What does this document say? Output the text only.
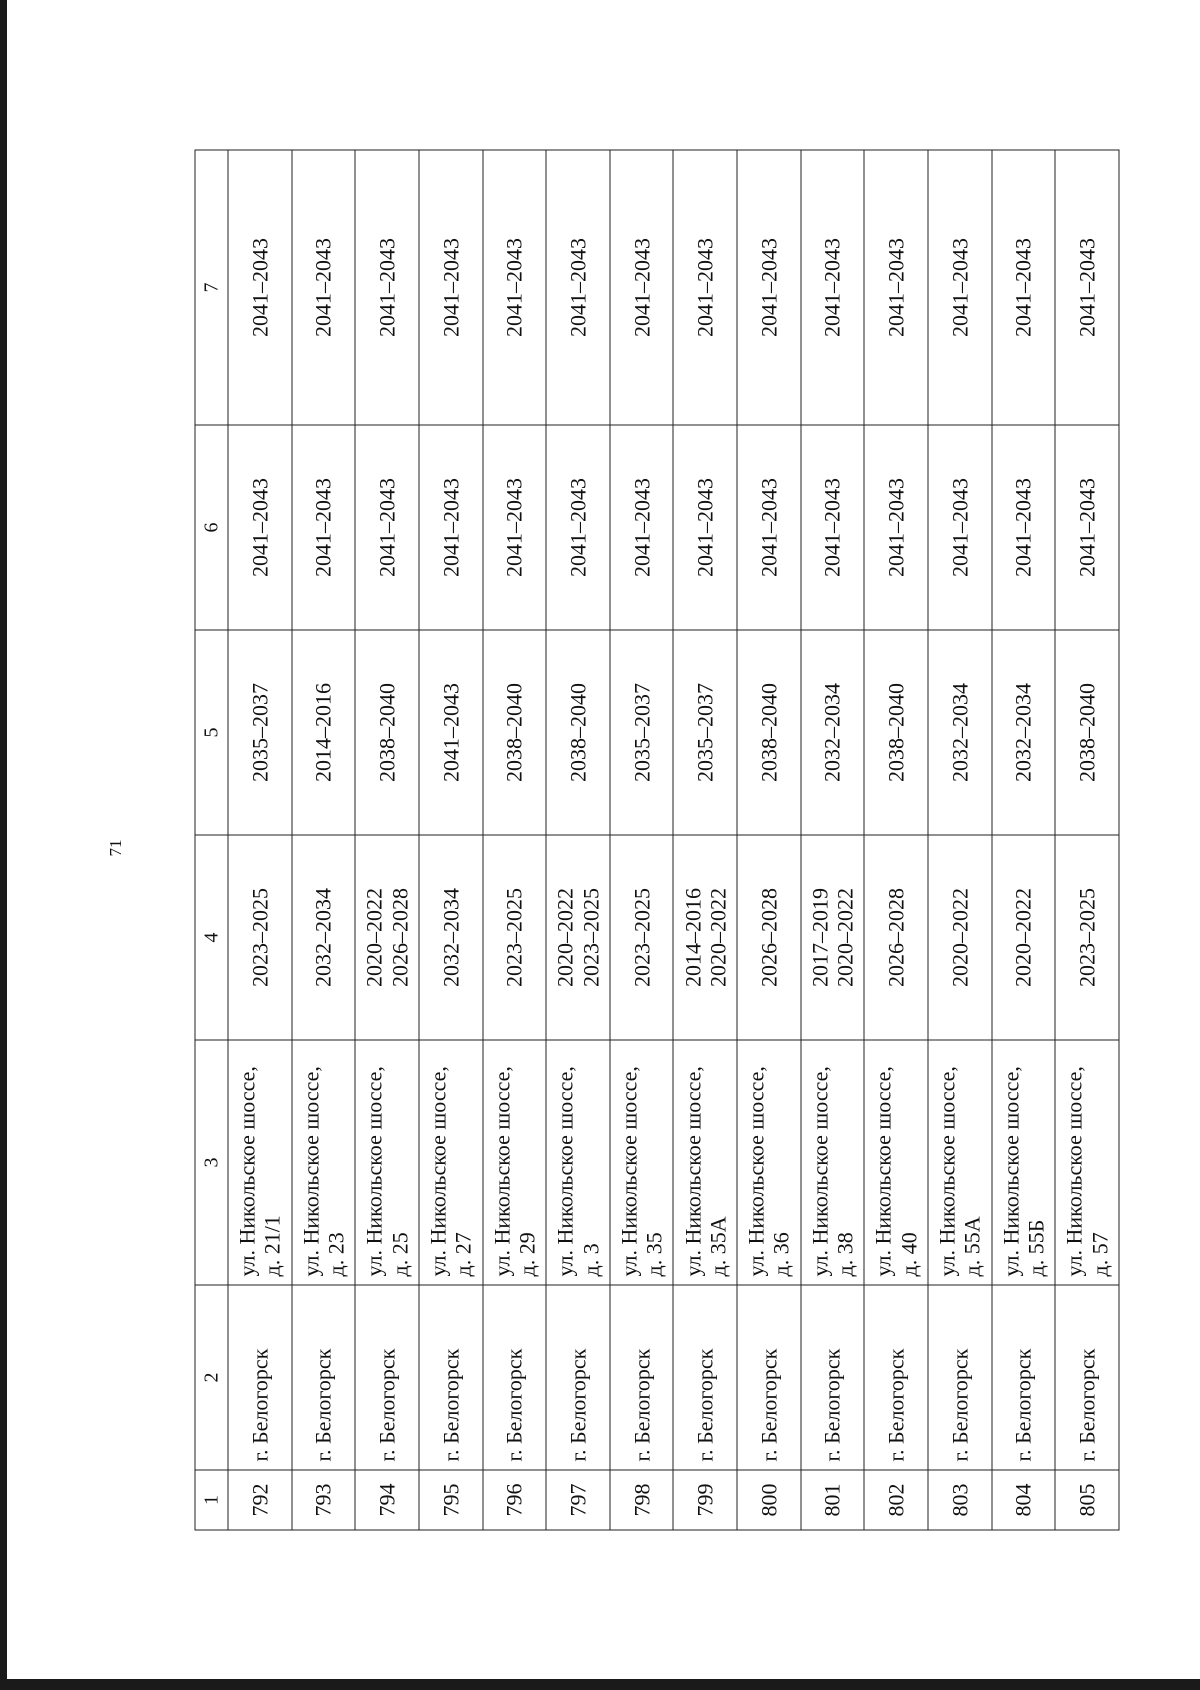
71
1	2	3	4	5	6	7
792	г. Белогорск	ул. Никольское шоссе, д. 21/1	2023–2025	2035–2037	2041–2043	2041–2043
793	г. Белогорск	ул. Никольское шоссе, д. 23	2032–2034	2014–2016	2041–2043	2041–2043
794	г. Белогорск	ул. Никольское шоссе, д. 25	2020–2022 2026–2028	2038–2040	2041–2043	2041–2043
795	г. Белогорск	ул. Никольское шоссе, д. 27	2032–2034	2041–2043	2041–2043	2041–2043
796	г. Белогорск	ул. Никольское шоссе, д. 29	2023–2025	2038–2040	2041–2043	2041–2043
797	г. Белогорск	ул. Никольское шоссе, д. 3	2020–2022 2023–2025	2038–2040	2041–2043	2041–2043
798	г. Белогорск	ул. Никольское шоссе, д. 35	2023–2025	2035–2037	2041–2043	2041–2043
799	г. Белогорск	ул. Никольское шоссе, д. 35А	2014–2016 2020–2022	2035–2037	2041–2043	2041–2043
800	г. Белогорск	ул. Никольское шоссе, д. 36	2026–2028	2038–2040	2041–2043	2041–2043
801	г. Белогорск	ул. Никольское шоссе, д. 38	2017–2019 2020–2022	2032–2034	2041–2043	2041–2043
802	г. Белогорск	ул. Никольское шоссе, д. 40	2026–2028	2038–2040	2041–2043	2041–2043
803	г. Белогорск	ул. Никольское шоссе, д. 55А	2020–2022	2032–2034	2041–2043	2041–2043
804	г. Белогорск	ул. Никольское шоссе, д. 55Б	2020–2022	2032–2034	2041–2043	2041–2043
805	г. Белогорск	ул. Никольское шоссе, д. 57	2023–2025	2038–2040	2041–2043	2041–2043
